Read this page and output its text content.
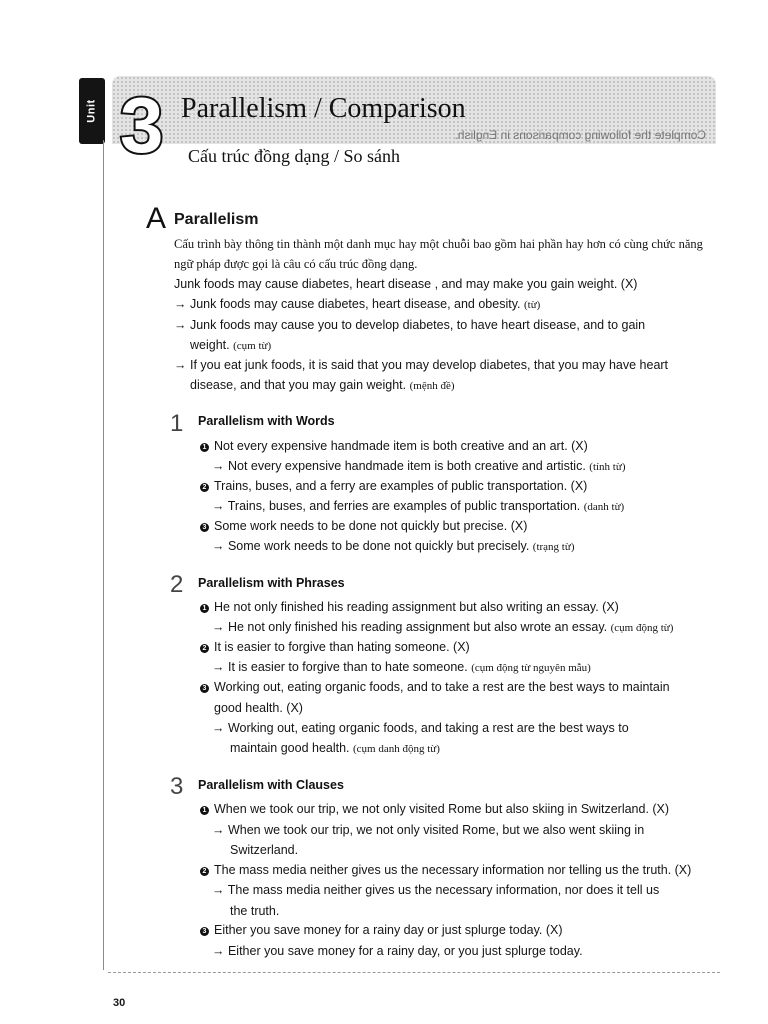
Unit
Complete the following comparisons in English.
3 Parallelism / Comparison
Cấu trúc đồng dạng / So sánh
A Parallelism
Cấu trình bày thông tin thành một danh mục hay một chuỗi bao gồm hai phần hay hơn có cùng chức năng
ngữ pháp được gọi là câu có cấu trúc đồng dạng.
Junk foods may cause diabetes, heart disease , and may make you gain weight. (X)
→ Junk foods may cause diabetes, heart disease, and obesity. (từ)
→ Junk foods may cause you to develop diabetes, to have heart disease, and to gain
weight. (cụm từ)
→ If you eat junk foods, it is said that you may develop diabetes, that you may have heart
disease, and that you may gain weight. (mệnh đề)
1 Parallelism with Words
1 Not every expensive handmade item is both creative and an art. (X)
→ Not every expensive handmade item is both creative and artistic. (tính từ)
2 Trains, buses, and a ferry are examples of public transportation. (X)
→ Trains, buses, and ferries are examples of public transportation. (danh từ)
3 Some work needs to be done not quickly but precise. (X)
→ Some work needs to be done not quickly but precisely. (trạng từ)
2 Parallelism with Phrases
1 He not only finished his reading assignment but also writing an essay. (X)
→ He not only finished his reading assignment but also wrote an essay. (cụm động từ)
2 It is easier to forgive than hating someone. (X)
→ It is easier to forgive than to hate someone. (cụm động từ nguyên mẫu)
3 Working out, eating organic foods, and to take a rest are the best ways to maintain
good health. (X)
→ Working out, eating organic foods, and taking a rest are the best ways to
maintain good health. (cụm danh động từ)
3 Parallelism with Clauses
1 When we took our trip, we not only visited Rome but also skiing in Switzerland. (X)
→ When we took our trip, we not only visited Rome, but we also went skiing in
Switzerland.
2 The mass media neither gives us the necessary information nor telling us the truth. (X)
→ The mass media neither gives us the necessary information, nor does it tell us
the truth.
3 Either you save money for a rainy day or just splurge today. (X)
→ Either you save money for a rainy day, or you just splurge today.
30
